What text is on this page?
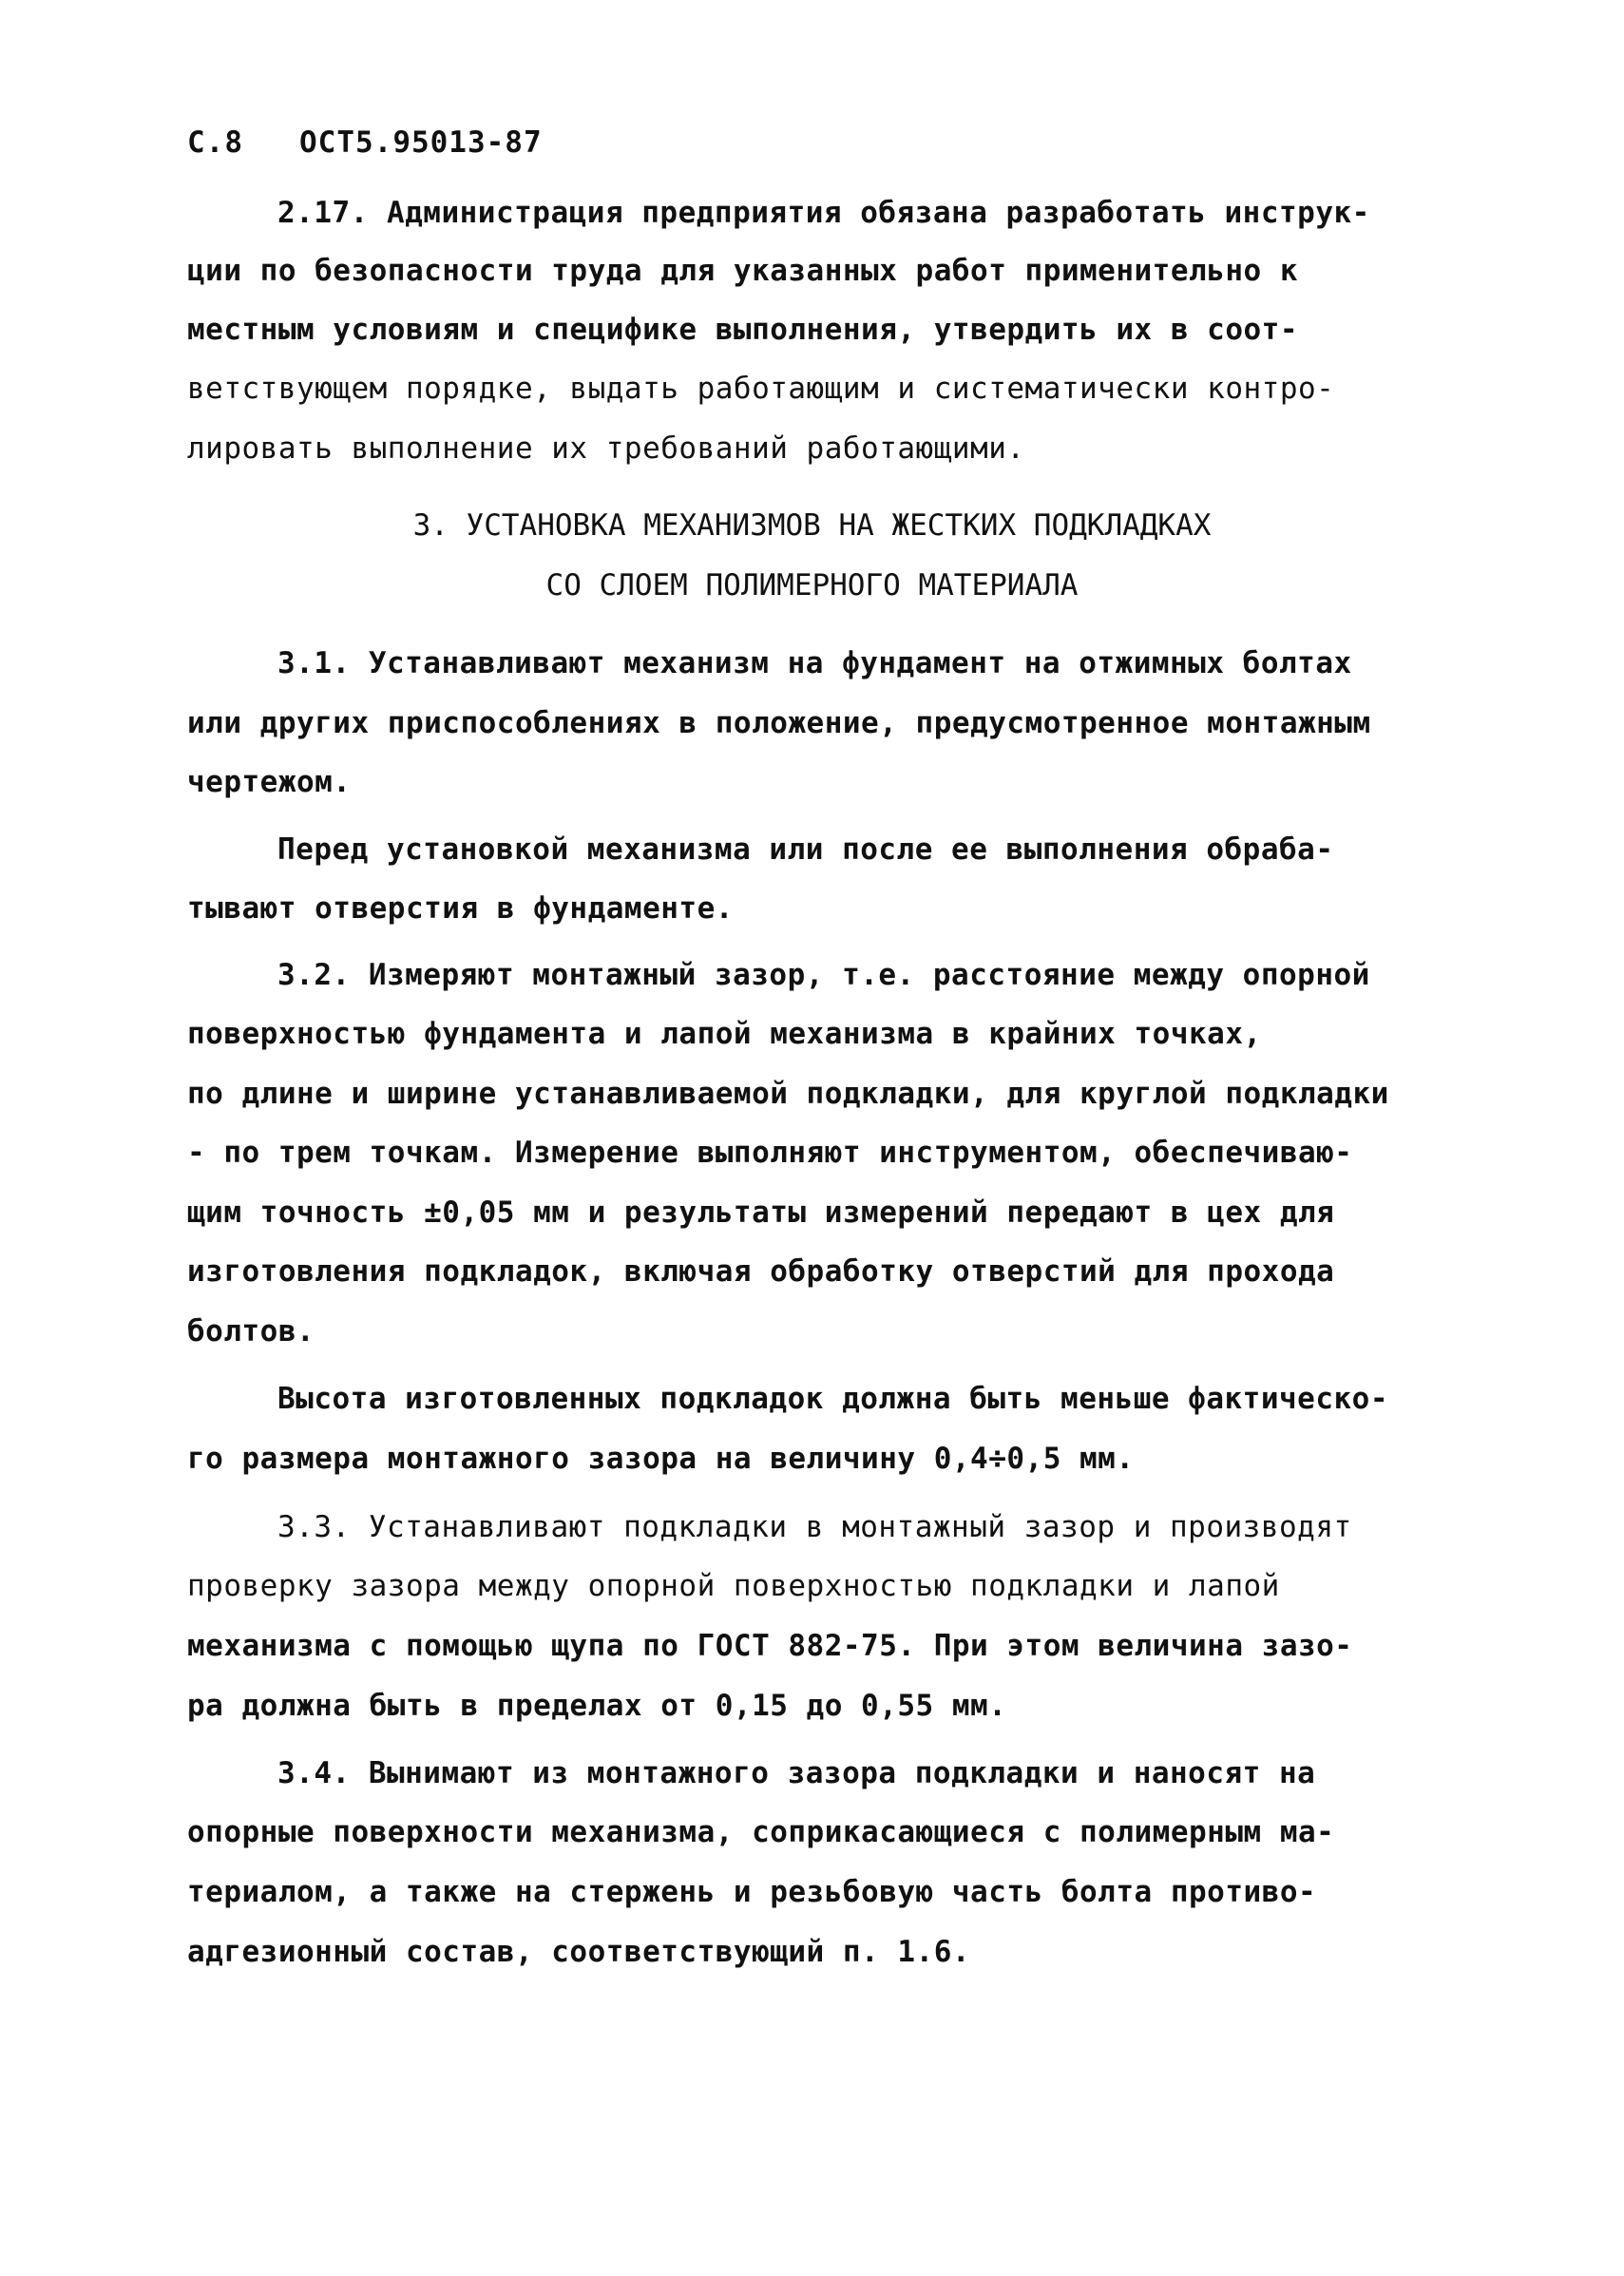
С.8 ОСТ5.95013-87
2.17. Администрация предприятия обязана разработать инструк-
ции по безопасности труда для указанных работ применительно к
местным условиям и специфике выполнения, утвердить их в соот-
ветствующем порядке, выдать работающим и систематически контро-
лировать выполнение их требований работающими.
3. УСТАНОВКА МЕХАНИЗМОВ НА ЖЕСТКИХ ПОДКЛАДКАХ
СО СЛОЕМ ПОЛИМЕРНОГО МАТЕРИАЛА
3.1. Устанавливают механизм на фундамент на отжимных болтах
или других приспособлениях в положение, предусмотренное монтажным
чертежом.
Перед установкой механизма или после ее выполнения обраба-
тывают отверстия в фундаменте.
3.2. Измеряют монтажный зазор, т.е. расстояние между опорной
поверхностью фундамента и лапой механизма в крайних точках,
по длине и ширине устанавливаемой подкладки, для круглой подкладки
- по трем точкам. Измерение выполняют инструментом, обеспечиваю-
щим точность ±0,05 мм и результаты измерений передают в цех для
изготовления подкладок, включая обработку отверстий для прохода
болтов.
Высота изготовленных подкладок должна быть меньше фактическо-
го размера монтажного зазора на величину 0,4÷0,5 мм.
3.3. Устанавливают подкладки в монтажный зазор и производят
проверку зазора между опорной поверхностью подкладки и лапой
механизма с помощью щупа по ГОСТ 882-75. При этом величина зазо-
ра должна быть в пределах от 0,15 до 0,55 мм.
3.4. Вынимают из монтажного зазора подкладки и наносят на
опорные поверхности механизма, соприкасающиеся с полимерным ма-
териалом, а также на стержень и резьбовую часть болта противо-
адгезионный состав, соответствующий п. 1.6.
